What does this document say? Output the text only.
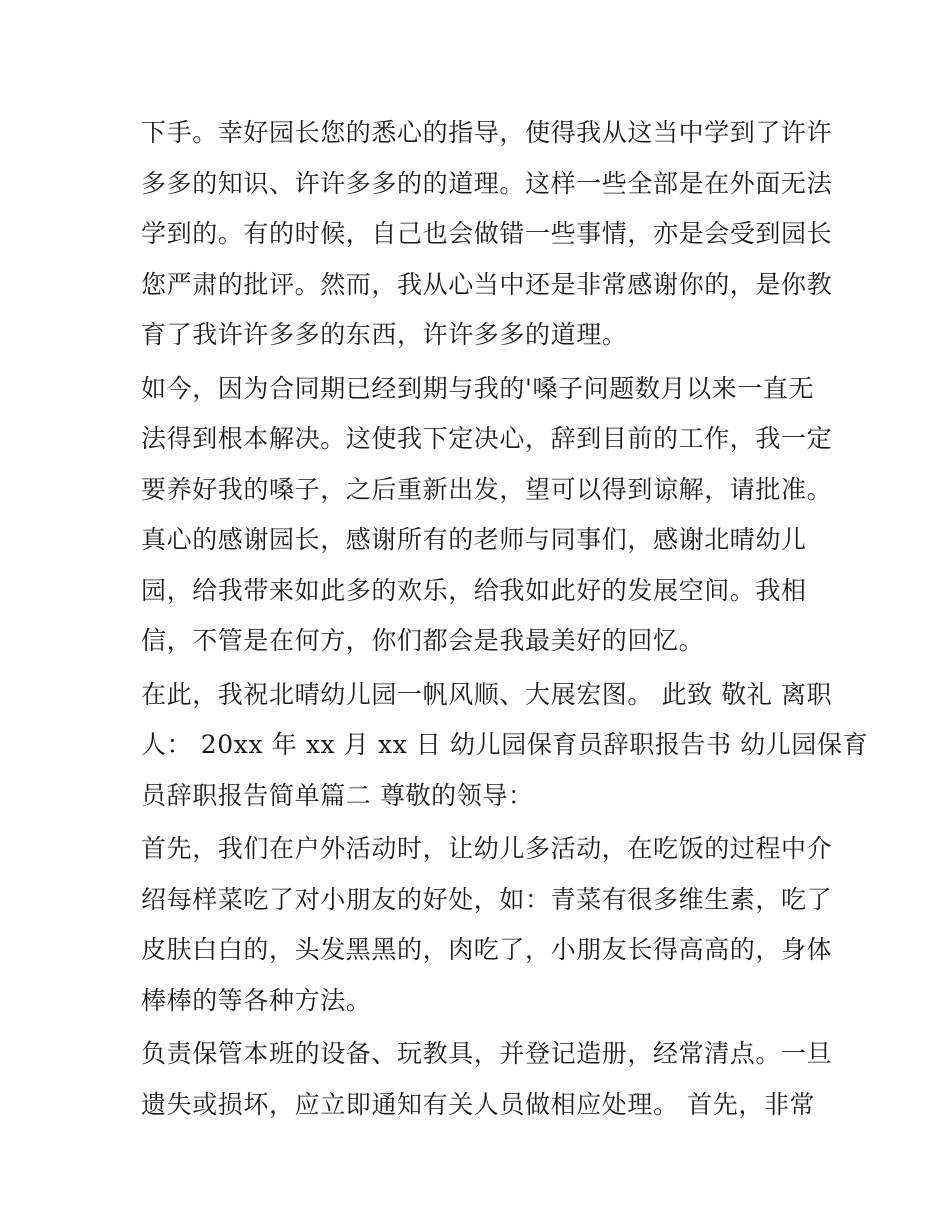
下手。幸好园长您的悉心的指导，使得我从这当中学到了许许
多多的知识、许许多多的的道理。这样一些全部是在外面无法
学到的。有的时候，自己也会做错一些事情，亦是会受到园长
您严肃的批评。然而，我从心当中还是非常感谢你的，是你教
育了我许许多多的东西，许许多多的道理。
如今，因为合同期已经到期与我的'嗓子问题数月以来一直无
法得到根本解决。这使我下定决心，辞到目前的工作，我一定
要养好我的嗓子，之后重新出发，望可以得到谅解，请批准。
真心的感谢园长，感谢所有的老师与同事们，感谢北晴幼儿
园，给我带来如此多的欢乐，给我如此好的发展空间。我相
信，不管是在何方，你们都会是我最美好的回忆。
在此，我祝北晴幼儿园一帆风顺、大展宏图。 此致 敬礼 离职
人： 20xx 年 xx 月 xx 日 幼儿园保育员辞职报告书 幼儿园保育
员辞职报告简单篇二 尊敬的领导：
首先，我们在户外活动时，让幼儿多活动，在吃饭的过程中介
绍每样菜吃了对小朋友的好处，如：青菜有很多维生素，吃了
皮肤白白的，头发黑黑的，肉吃了，小朋友长得高高的，身体
棒棒的等各种方法。
负责保管本班的设备、玩教具，并登记造册，经常清点。一旦
遗失或损坏，应立即通知有关人员做相应处理。 首先，非常
